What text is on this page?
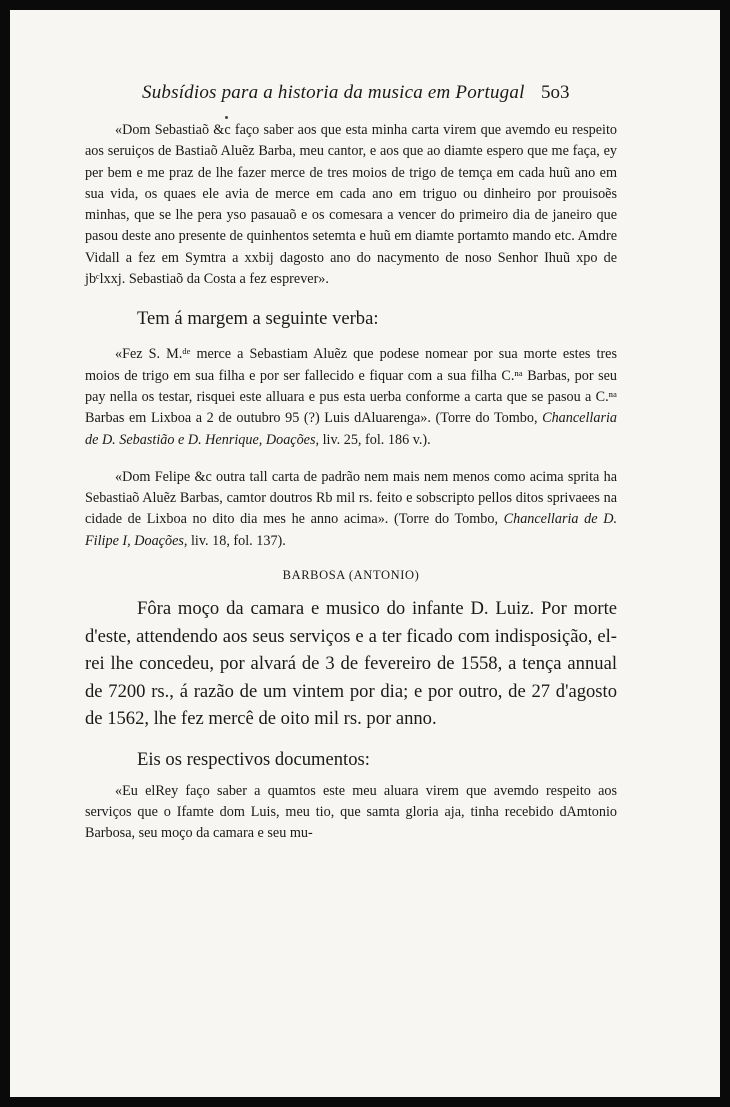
Subsídios para a historia da musica em Portugal 5o3

«Dom Sebastiaõ &c faço saber aos que esta minha carta virem que avemdo eu respeito aos seruiços de Bastiaõ Aluẽz Barba, meu cantor, e aos que ao diamte espero que me faça, ey per bem e me praz de lhe fazer merce de tres moios de trigo de temça em cada huũ ano em sua vida, os quaes ele avia de merce em cada ano em triguo ou dinheiro por prouisoẽs minhas, que se lhe pera yso pasauaõ e os comesara a vencer do primeiro dia de janeiro que pasou deste ano presente de quinhentos setemta e huũ em diamte portamto mando etc. Amdre Vidall a fez em Symtra a xxbij dagosto ano do nacymento de noso Senhor Ihuũ xpo de jbᶜlxxj. Sebastiaõ da Costa a fez esprever».

Tem á margem a seguinte verba:

«Fez S. M.ᵈᵉ merce a Sebastiam Aluẽz que podese nomear por sua morte estes tres moios de trigo em sua filha e por ser fallecido e fiquar com a sua filha C.ⁿᵃ Barbas, por seu pay nella os testar, risquei este alluara e pus esta uerba conforme a carta que se pasou a C.ⁿᵃ Barbas em Lixboa a 2 de outubro 95 (?) Luis dAluarenga». (Torre do Tombo, Chancellaria de D. Sebastião e D. Henrique, Doações, liv. 25, fol. 186 v.).

«Dom Felipe &c outra tall carta de padrão nem mais nem menos como acima sprita ha Sebastiaõ Aluẽz Barbas, camtor doutros Rb mil rs. feito e sobscripto pellos ditos sprivaees na cidade de Lixboa no dito dia mes he anno acima». (Torre do Tombo, Chancellaria de D. Filipe I, Doações, liv. 18, fol. 137).

BARBOSA (ANTONIO)
Fôra moço da camara e musico do infante D. Luiz. Por morte d'este, attendendo aos seus serviços e a ter ficado com indisposição, el-rei lhe concedeu, por alvará de 3 de fevereiro de 1558, a tença annual de 7200 rs., á razão de um vintem por dia; e por outro, de 27 d'agosto de 1562, lhe fez mercê de oito mil rs. por anno.
Eis os respectivos documentos:

«Eu elRey faço saber a quamtos este meu aluara virem que avemdo respeito aos serviços que o Ifamte dom Luis, meu tio, que samta gloria aja, tinha recebido dAmtonio Barbosa, seu moço da camara e seu mu-
